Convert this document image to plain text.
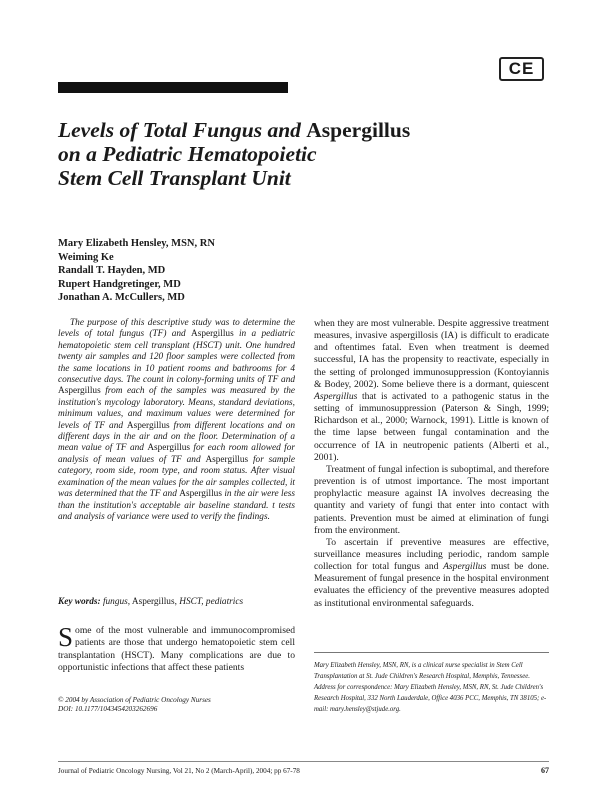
CE
Levels of Total Fungus and Aspergillus
on a Pediatric Hematopoietic
Stem Cell Transplant Unit
Mary Elizabeth Hensley, MSN, RN
Weiming Ke
Randall T. Hayden, MD
Rupert Handgretinger, MD
Jonathan A. McCullers, MD

The purpose of this descriptive study was to determine the levels of total fungus (TF) and Aspergillus in a pediatric hematopoietic stem cell transplant (HSCT) unit. One hundred twenty air samples and 120 floor samples were collected from the same locations in 10 patient rooms and bathrooms for 4 consecutive days. The count in colony-forming units of TF and Aspergillus from each of the samples was measured by the institution's mycology laboratory. Means, standard deviations, minimum values, and maximum values were determined for levels of TF and Aspergillus from different locations and on different days in the air and on the floor. Determination of a mean value of TF and Aspergillus for each room allowed for analysis of mean values of TF and Aspergillus for sample category, room side, room type, and room status. After visual examination of the mean values for the air samples collected, it was determined that the TF and Aspergillus in the air were less than the institution's acceptable air baseline standard. t tests and analysis of variance were used to verify the findings.

Key words: fungus, Aspergillus, HSCT, pediatrics

Some of the most vulnerable and immunocompromised patients are those that undergo hematopoietic stem cell transplantation (HSCT). Many complications are due to opportunistic infections that affect these patients

© 2004 by Association of Pediatric Oncology Nurses
DOI: 10.1177/1043454203262696

when they are most vulnerable. Despite aggressive treatment measures, invasive aspergillosis (IA) is difficult to eradicate and oftentimes fatal. Even when treatment is deemed successful, IA has the propensity to reactivate, especially in the setting of prolonged immunosuppression (Kontoyiannis & Bodey, 2002). Some believe there is a dormant, quiescent Aspergillus that is activated to a pathogenic status in the setting of immunosuppression (Paterson & Singh, 1999; Richardson et al., 2000; Warnock, 1991). Little is known of the time lapse between fungal contamination and the occurrence of IA in neutropenic patients (Alberti et al., 2001).

Treatment of fungal infection is suboptimal, and therefore prevention is of utmost importance. The most important prophylactic measure against IA involves decreasing the quantity and variety of fungi that enter into contact with patients. Prevention must be aimed at elimination of fungi from the environment.

To ascertain if preventive measures are effective, surveillance measures including periodic, random sample collection for total fungus and Aspergillus must be done. Measurement of fungal presence in the hospital environment evaluates the efficiency of the preventive measures adopted as institutional environmental safeguards.

Mary Elizabeth Hensley, MSN, RN, is a clinical nurse specialist in Stem Cell Transplantation at St. Jude Children's Research Hospital, Memphis, Tennessee. Address for correspondence: Mary Elizabeth Hensley, MSN, RN, St. Jude Children's Research Hospital, 332 North Lauderdale, Office 4036 PCC, Memphis, TN 38105; e-mail: mary.hensley@stjude.org.

Journal of Pediatric Oncology Nursing, Vol 21, No 2 (March-April), 2004; pp 67-78	67
